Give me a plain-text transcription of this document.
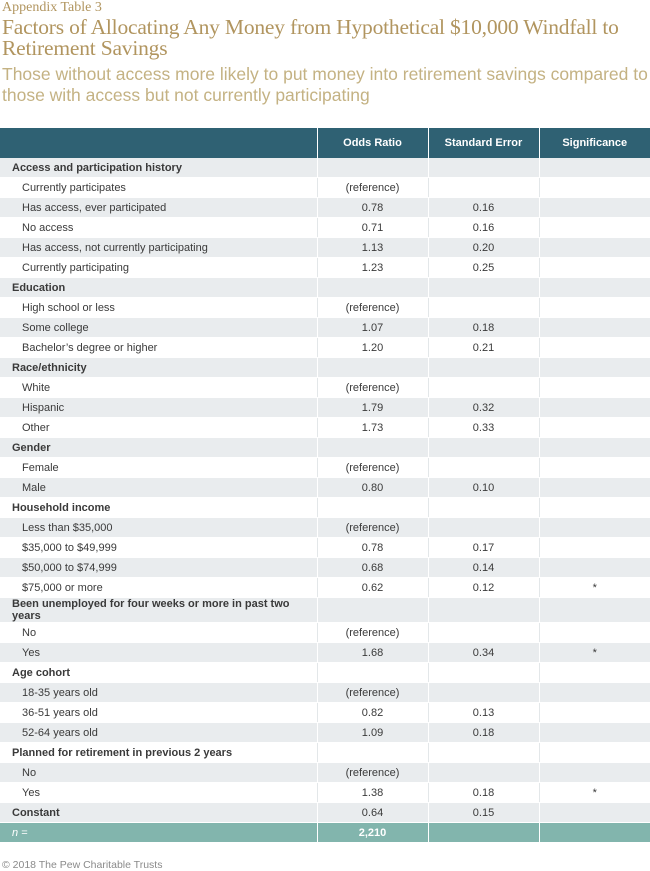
Appendix Table 3
Factors of Allocating Any Money from Hypothetical $10,000 Windfall to Retirement Savings
Those without access more likely to put money into retirement savings compared to those with access but not currently participating
	Odds Ratio	Standard Error	Significance
Access and participation history			
Currently participates	(reference)		
Has access, ever participated	0.78	0.16	
No access	0.71	0.16	
Has access, not currently participating	1.13	0.20	
Currently participating	1.23	0.25	
Education			
High school or less	(reference)		
Some college	1.07	0.18	
Bachelor’s degree or higher	1.20	0.21	
Race/ethnicity			
White	(reference)		
Hispanic	1.79	0.32	
Other	1.73	0.33	
Gender			
Female	(reference)		
Male	0.80	0.10	
Household income			
Less than $35,000	(reference)		
$35,000 to $49,999	0.78	0.17	
$50,000 to $74,999	0.68	0.14	
$75,000 or more	0.62	0.12	*
Been unemployed for four weeks or more in past two years			
No	(reference)		
Yes	1.68	0.34	*
Age cohort			
18-35 years old	(reference)		
36-51 years old	0.82	0.13	
52-64 years old	1.09	0.18	
Planned for retirement in previous 2 years			
No	(reference)		
Yes	1.38	0.18	*
Constant	0.64	0.15	
n =	2,210		
© 2018 The Pew Charitable Trusts
